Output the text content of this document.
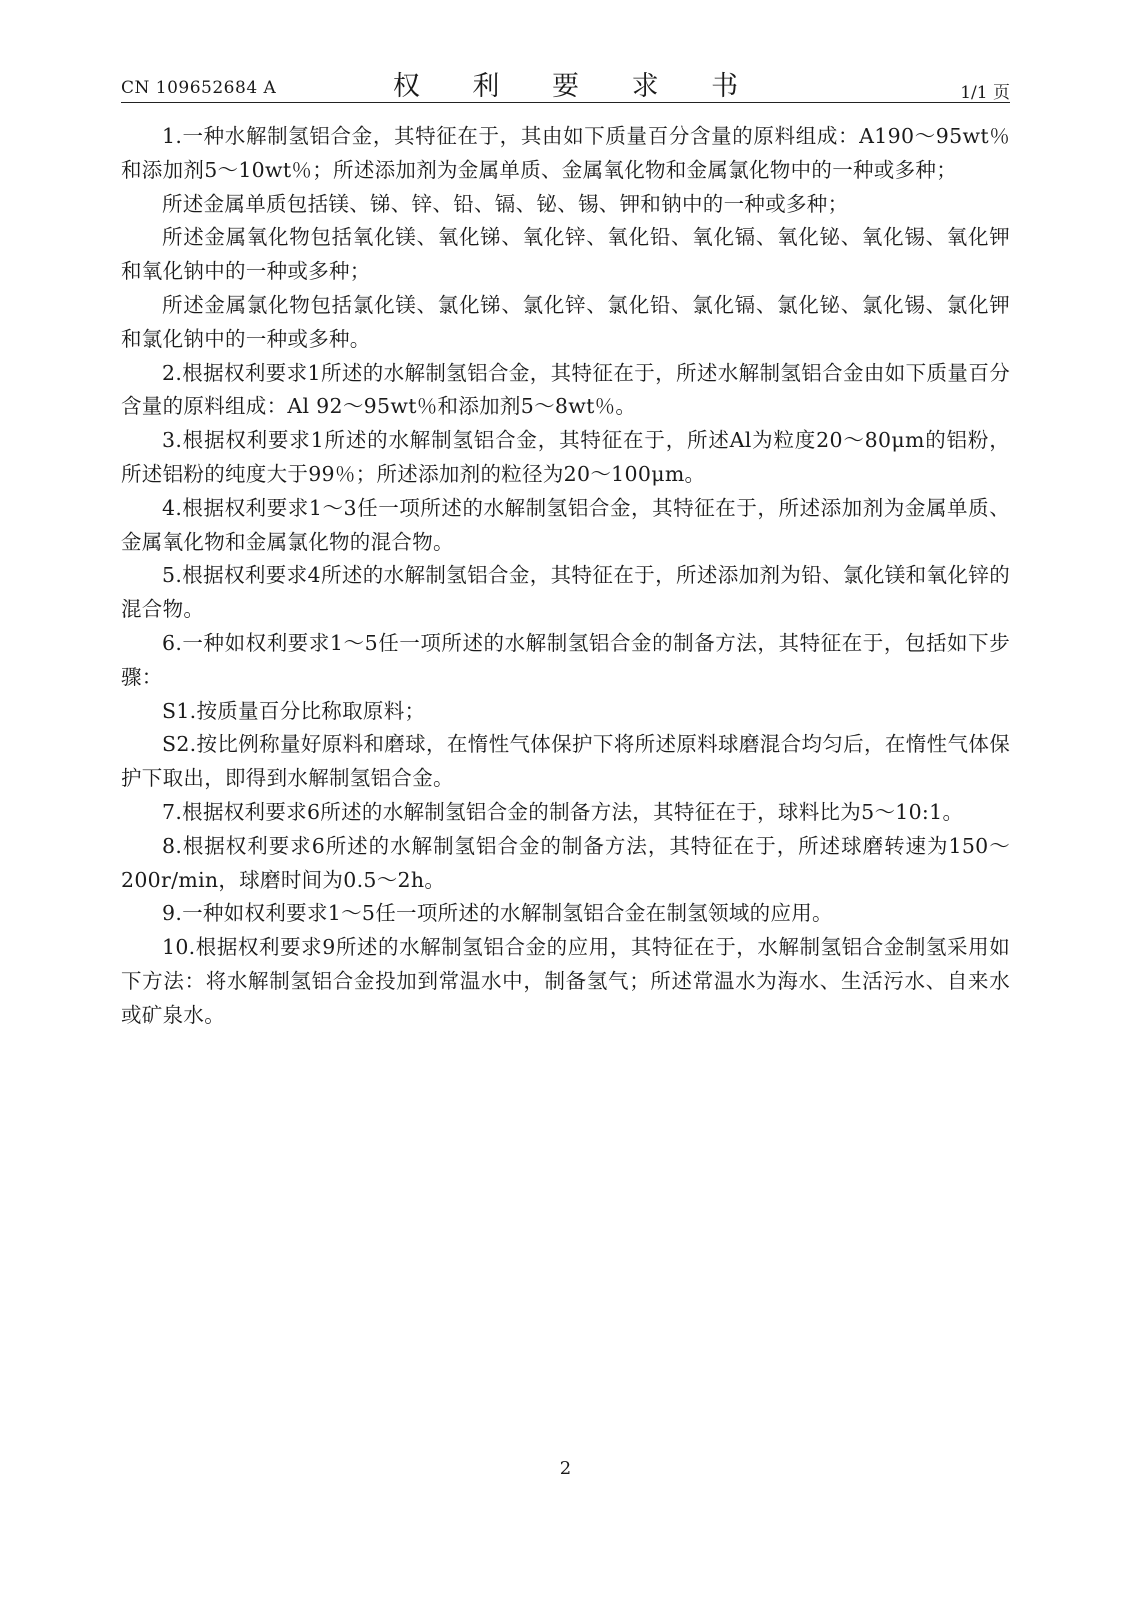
CN 109652684 A	权 利 要 求 书	1/1 页

1.一种水解制氢铝合金，其特征在于，其由如下质量百分含量的原料组成：A190～95wt％和添加剂5～10wt％；所述添加剂为金属单质、金属氧化物和金属氯化物中的一种或多种；

所述金属单质包括镁、锑、锌、铅、镉、铋、锡、钾和钠中的一种或多种；

所述金属氧化物包括氧化镁、氧化锑、氧化锌、氧化铅、氧化镉、氧化铋、氧化锡、氧化钾和氧化钠中的一种或多种；

所述金属氯化物包括氯化镁、氯化锑、氯化锌、氯化铅、氯化镉、氯化铋、氯化锡、氯化钾和氯化钠中的一种或多种。

2.根据权利要求1所述的水解制氢铝合金，其特征在于，所述水解制氢铝合金由如下质量百分含量的原料组成：Al 92～95wt％和添加剂5～8wt％。

3.根据权利要求1所述的水解制氢铝合金，其特征在于，所述Al为粒度20～80μm的铝粉，所述铝粉的纯度大于99％；所述添加剂的粒径为20～100μm。

4.根据权利要求1～3任一项所述的水解制氢铝合金，其特征在于，所述添加剂为金属单质、金属氧化物和金属氯化物的混合物。

5.根据权利要求4所述的水解制氢铝合金，其特征在于，所述添加剂为铅、氯化镁和氧化锌的混合物。

6.一种如权利要求1～5任一项所述的水解制氢铝合金的制备方法，其特征在于，包括如下步骤：

S1.按质量百分比称取原料；

S2.按比例称量好原料和磨球，在惰性气体保护下将所述原料球磨混合均匀后，在惰性气体保护下取出，即得到水解制氢铝合金。

7.根据权利要求6所述的水解制氢铝合金的制备方法，其特征在于，球料比为5～10:1。

8.根据权利要求6所述的水解制氢铝合金的制备方法，其特征在于，所述球磨转速为150～200r/min，球磨时间为0.5～2h。

9.一种如权利要求1～5任一项所述的水解制氢铝合金在制氢领域的应用。

10.根据权利要求9所述的水解制氢铝合金的应用，其特征在于，水解制氢铝合金制氢采用如下方法：将水解制氢铝合金投加到常温水中，制备氢气；所述常温水为海水、生活污水、自来水或矿泉水。

2
